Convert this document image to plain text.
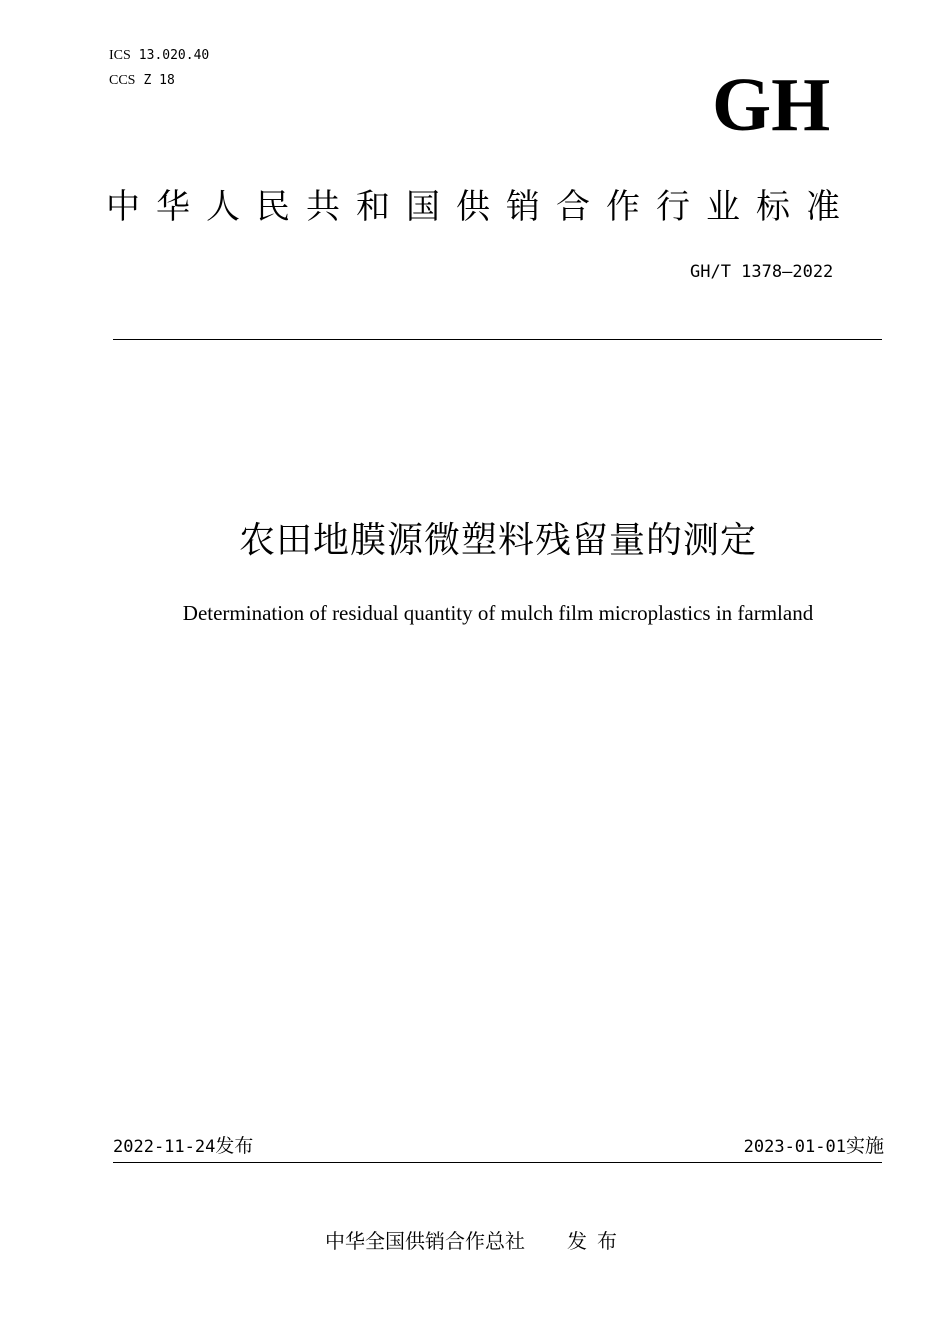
ICS 13.020.40
CCS Z 18	GH
中华人民共和国供销合作行业标准
GH/T 1378—2022
农田地膜源微塑料残留量的测定
Determination of residual quantity of mulch film microplastics in farmland
2022-11-24发布	2023-01-01实施
中华全国供销合作总社 发布
